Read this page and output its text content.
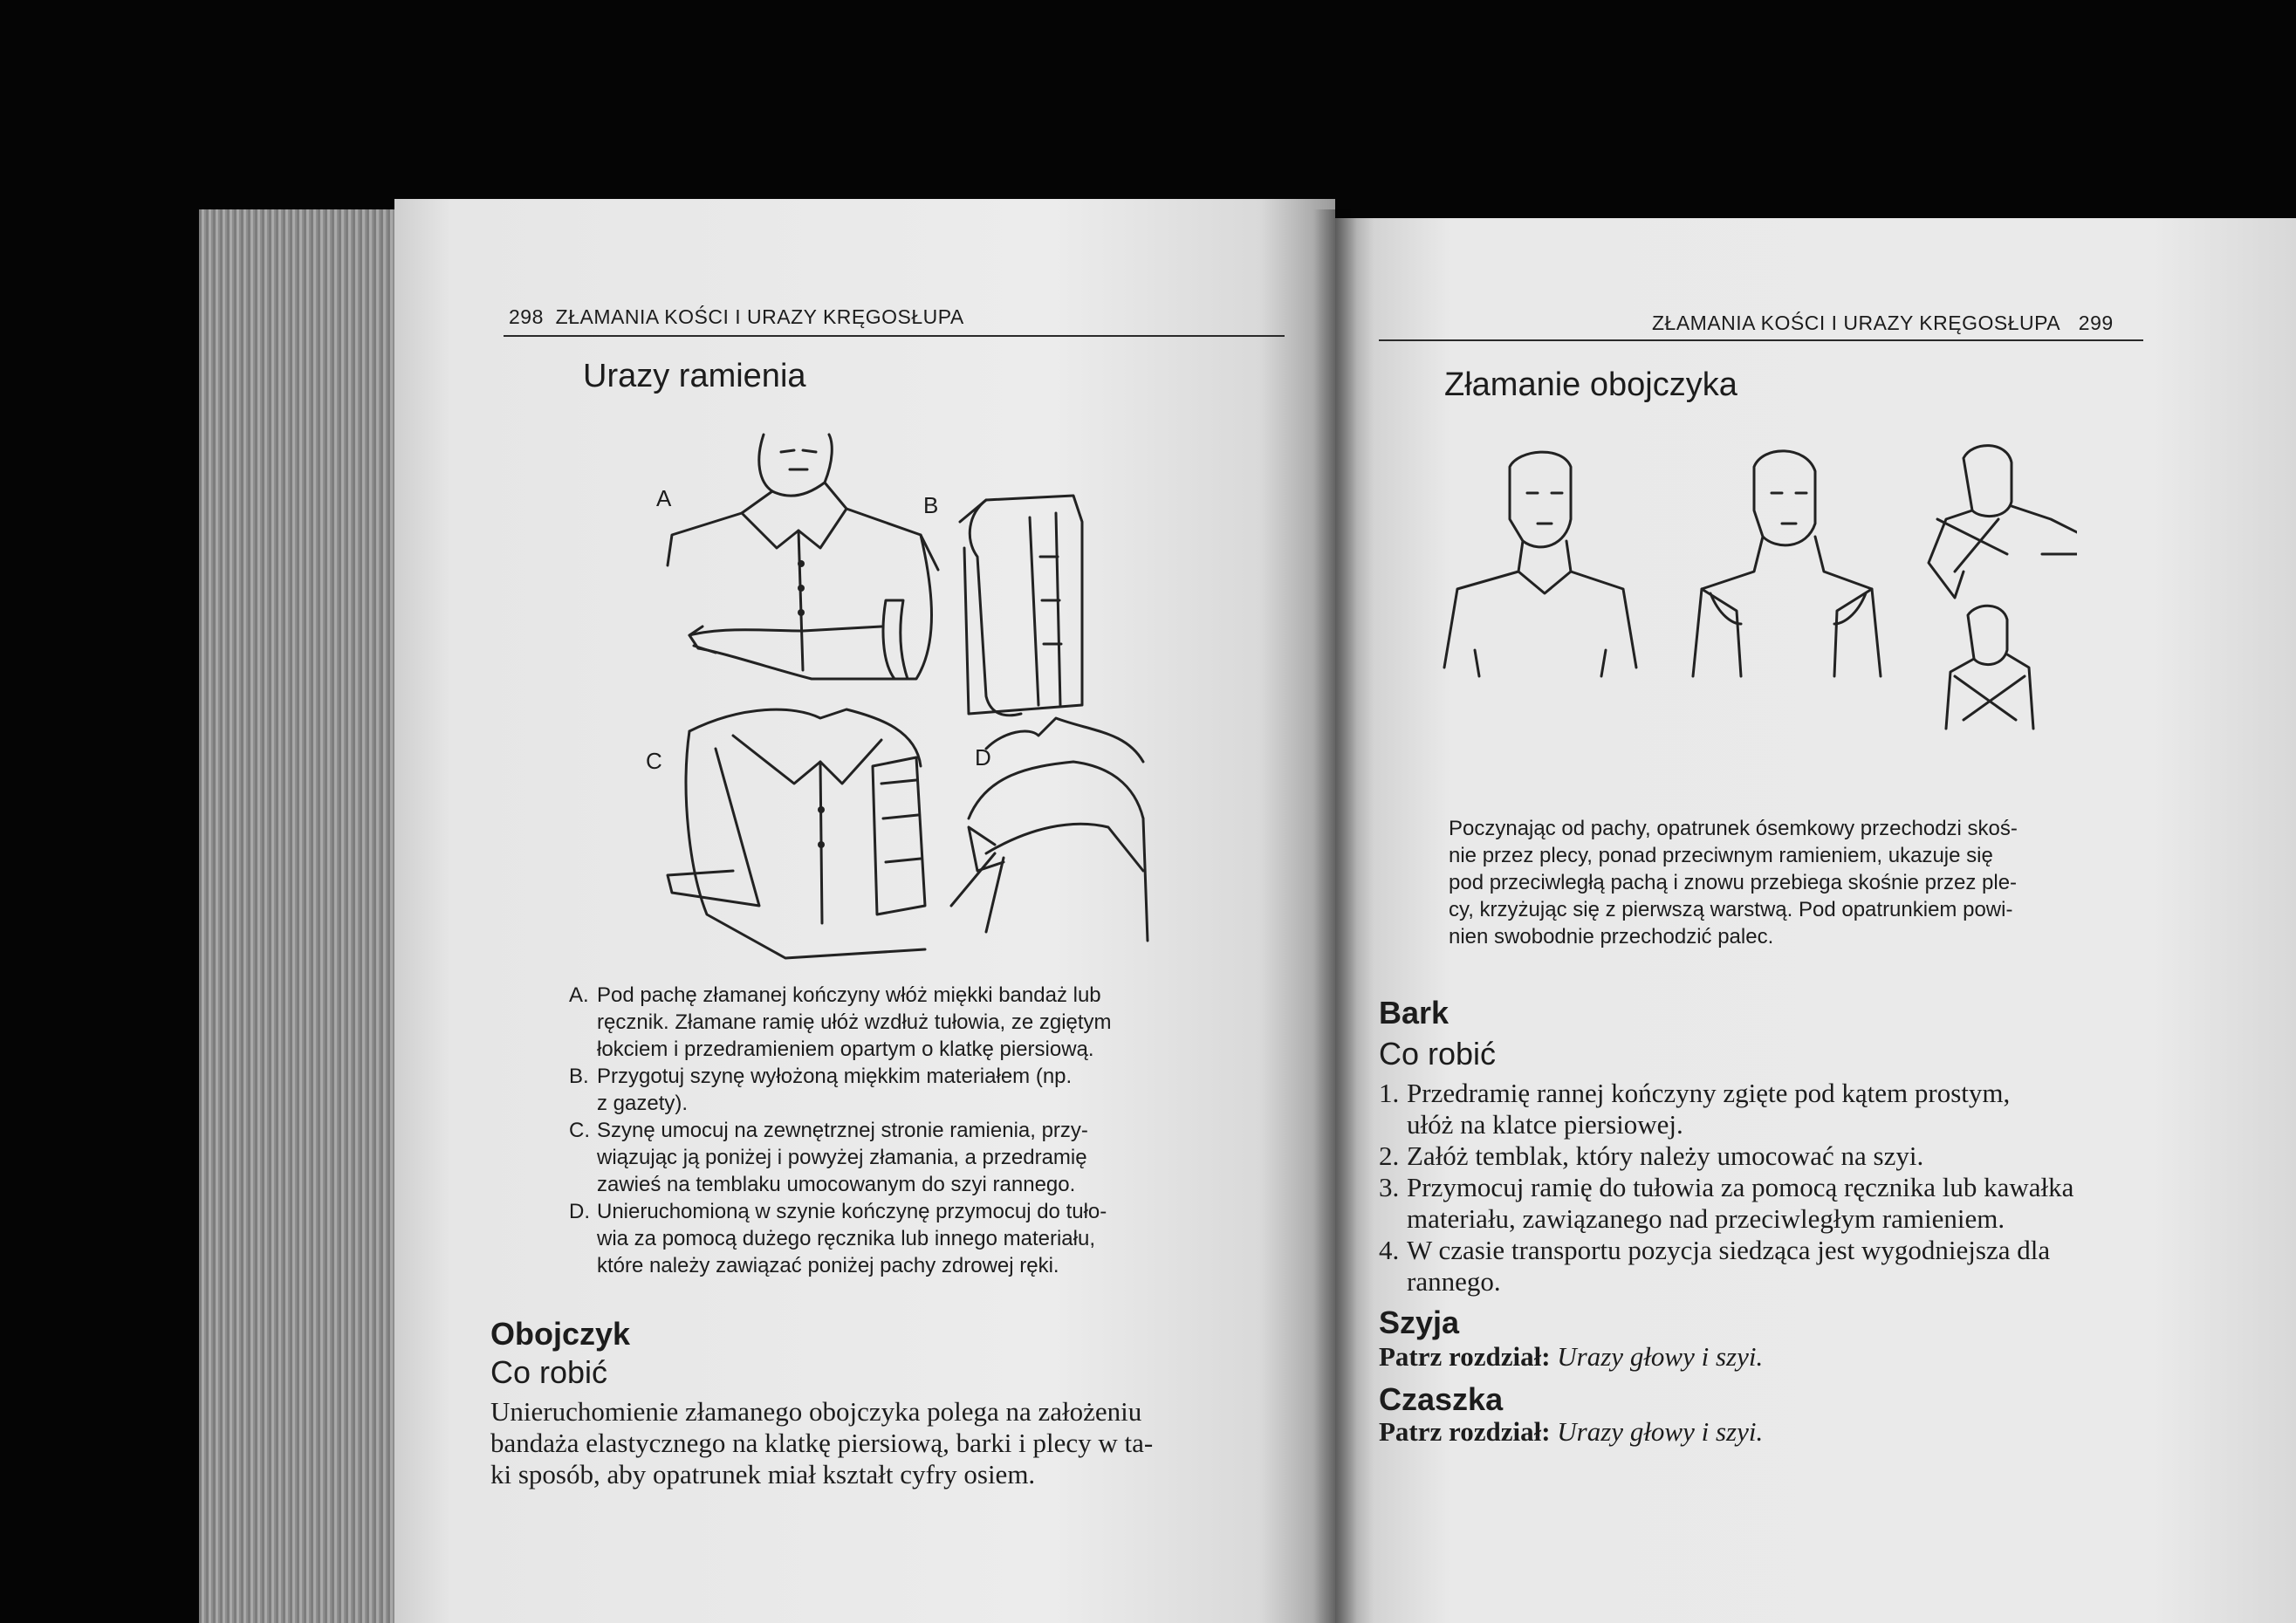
298 ZŁAMANIA KOŚCI I URAZY KRĘGOSŁUPA
Urazy ramienia
A	B
C	D
A. Pod pachę złamanej kończyny włóż miękki bandaż lub
ręcznik. Złamane ramię ułóż wzdłuż tułowia, ze zgiętym
łokciem i przedramieniem opartym o klatkę piersiową.
B. Przygotuj szynę wyłożoną miękkim materiałem (np.
z gazety).
C. Szynę umocuj na zewnętrznej stronie ramienia, przy-
wiązując ją poniżej i powyżej złamania, a przedramię
zawieś na temblaku umocowanym do szyi rannego.
D. Unieruchomioną w szynie kończynę przymocuj do tuło-
wia za pomocą dużego ręcznika lub innego materiału,
które należy zawiązać poniżej pachy zdrowej ręki.
Obojczyk
Co robić
Unieruchomienie złamanego obojczyka polega na założeniu
bandaża elastycznego na klatkę piersiową, barki i plecy w ta-
ki sposób, aby opatrunek miał kształt cyfry osiem.
ZŁAMANIA KOŚCI I URAZY KRĘGOSŁUPA 299
Złamanie obojczyka
Poczynając od pachy, opatrunek ósemkowy przechodzi skoś-
nie przez plecy, ponad przeciwnym ramieniem, ukazuje się
pod przeciwległą pachą i znowu przebiega skośnie przez ple-
cy, krzyżując się z pierwszą warstwą. Pod opatrunkiem powi-
nien swobodnie przechodzić palec.
Bark
Co robić
1. Przedramię rannej kończyny zgięte pod kątem prostym,
ułóż na klatce piersiowej.
2. Załóż temblak, który należy umocować na szyi.
3. Przymocuj ramię do tułowia za pomocą ręcznika lub kawałka
materiału, zawiązanego nad przeciwległym ramieniem.
4. W czasie transportu pozycja siedząca jest wygodniejsza dla
rannego.
Szyja
Patrz rozdział: Urazy głowy i szyi.
Czaszka
Patrz rozdział: Urazy głowy i szyi.
